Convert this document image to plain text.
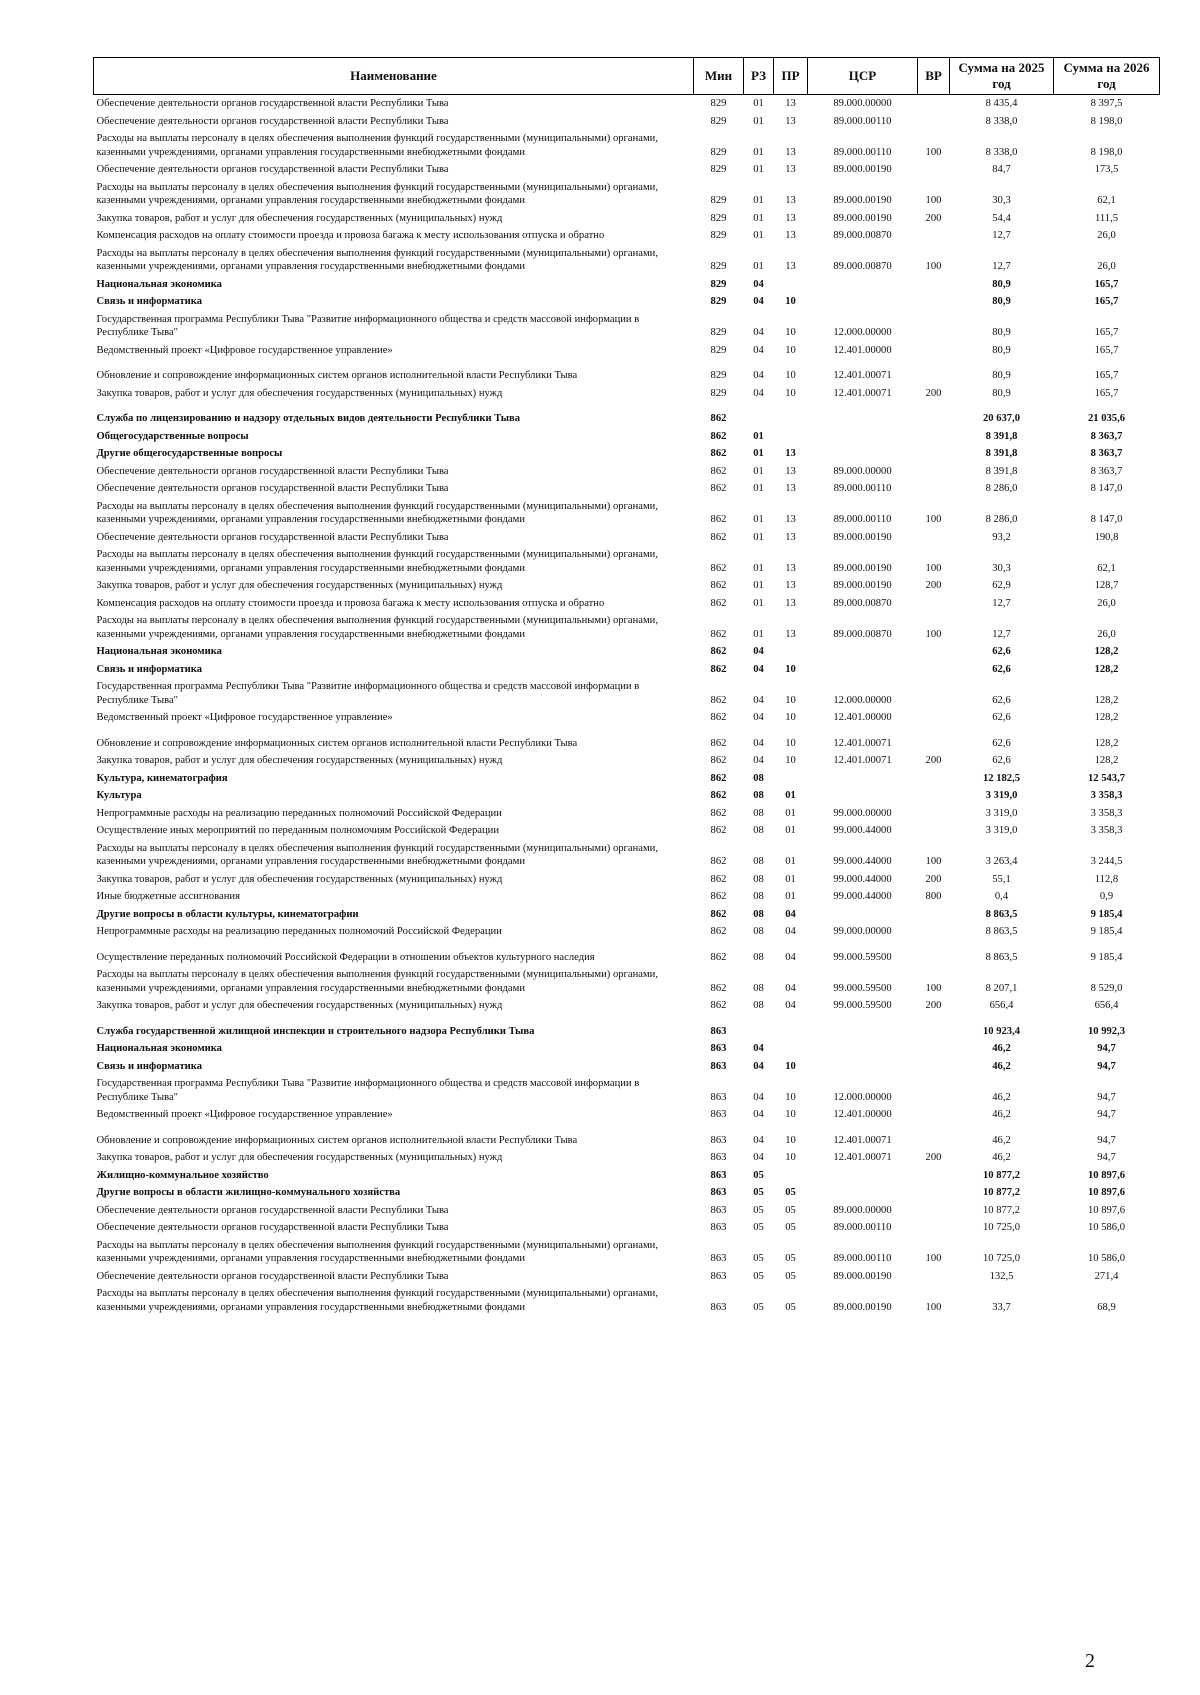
Наименование	Мин	РЗ	ПР	ЦСР	ВР	Сумма на 2025 год	Сумма на 2026 год
Обеспечение деятельности органов государственной власти Республики Тыва	829	01	13	89.000.00000		8 435,4	8 397,5
Обеспечение деятельности органов государственной власти Республики Тыва	829	01	13	89.000.00110		8 338,0	8 198,0
Расходы на выплаты персоналу в целях обеспечения выполнения функций государственными (муниципальными) органами, казенными учреждениями, органами управления государственными внебюджетными фондами	829	01	13	89.000.00110	100	8 338,0	8 198,0
Обеспечение деятельности органов государственной власти Республики Тыва	829	01	13	89.000.00190		84,7	173,5
Расходы на выплаты персоналу в целях обеспечения выполнения функций государственными (муниципальными) органами, казенными учреждениями, органами управления государственными внебюджетными фондами	829	01	13	89.000.00190	100	30,3	62,1
Закупка товаров, работ и услуг для обеспечения государственных (муниципальных) нужд	829	01	13	89.000.00190	200	54,4	111,5
Компенсация расходов на оплату стоимости проезда и провоза багажа к месту использования отпуска и обратно	829	01	13	89.000.00870		12,7	26,0
Расходы на выплаты персоналу в целях обеспечения выполнения функций государственными (муниципальными) органами, казенными учреждениями, органами управления государственными внебюджетными фондами	829	01	13	89.000.00870	100	12,7	26,0
Национальная экономика	829	04				80,9	165,7
Связь и информатика	829	04	10			80,9	165,7
Государственная программа Республики Тыва "Развитие информационного общества и средств массовой информации в Республике Тыва"	829	04	10	12.000.00000		80,9	165,7
Ведомственный проект «Цифровое государственное управление»	829	04	10	12.401.00000		80,9	165,7
Обновление и сопровождение информационных систем органов исполнительной власти Республики Тыва	829	04	10	12.401.00071		80,9	165,7
Закупка товаров, работ и услуг для обеспечения государственных (муниципальных) нужд	829	04	10	12.401.00071	200	80,9	165,7
Служба по лицензированию и надзору отдельных видов деятельности Республики Тыва	862					20 637,0	21 035,6
Общегосударственные вопросы	862	01				8 391,8	8 363,7
Другие общегосударственные вопросы	862	01	13			8 391,8	8 363,7
Обеспечение деятельности органов государственной власти Республики Тыва	862	01	13	89.000.00000		8 391,8	8 363,7
Обеспечение деятельности органов государственной власти Республики Тыва	862	01	13	89.000.00110		8 286,0	8 147,0
Расходы на выплаты персоналу в целях обеспечения выполнения функций государственными (муниципальными) органами, казенными учреждениями, органами управления государственными внебюджетными фондами	862	01	13	89.000.00110	100	8 286,0	8 147,0
Обеспечение деятельности органов государственной власти Республики Тыва	862	01	13	89.000.00190		93,2	190,8
Расходы на выплаты персоналу в целях обеспечения выполнения функций государственными (муниципальными) органами, казенными учреждениями, органами управления государственными внебюджетными фондами	862	01	13	89.000.00190	100	30,3	62,1
Закупка товаров, работ и услуг для обеспечения государственных (муниципальных) нужд	862	01	13	89.000.00190	200	62,9	128,7
Компенсация расходов на оплату стоимости проезда и провоза багажа к месту использования отпуска и обратно	862	01	13	89.000.00870		12,7	26,0
Расходы на выплаты персоналу в целях обеспечения выполнения функций государственными (муниципальными) органами, казенными учреждениями, органами управления государственными внебюджетными фондами	862	01	13	89.000.00870	100	12,7	26,0
Национальная экономика	862	04				62,6	128,2
Связь и информатика	862	04	10			62,6	128,2
Государственная программа Республики Тыва "Развитие информационного общества и средств массовой информации в Республике Тыва"	862	04	10	12.000.00000		62,6	128,2
Ведомственный проект «Цифровое государственное управление»	862	04	10	12.401.00000		62,6	128,2
Обновление и сопровождение информационных систем органов исполнительной власти Республики Тыва	862	04	10	12.401.00071		62,6	128,2
Закупка товаров, работ и услуг для обеспечения государственных (муниципальных) нужд	862	04	10	12.401.00071	200	62,6	128,2
Культура, кинематография	862	08				12 182,5	12 543,7
Культура	862	08	01			3 319,0	3 358,3
Непрограммные расходы на реализацию переданных полномочий Российской Федерации	862	08	01	99.000.00000		3 319,0	3 358,3
Осуществление иных мероприятий по переданным полномочиям Российской Федерации	862	08	01	99.000.44000		3 319,0	3 358,3
Расходы на выплаты персоналу в целях обеспечения выполнения функций государственными (муниципальными) органами, казенными учреждениями, органами управления государственными внебюджетными фондами	862	08	01	99.000.44000	100	3 263,4	3 244,5
Закупка товаров, работ и услуг для обеспечения государственных (муниципальных) нужд	862	08	01	99.000.44000	200	55,1	112,8
Иные бюджетные ассигнования	862	08	01	99.000.44000	800	0,4	0,9
Другие вопросы в области культуры, кинематографии	862	08	04			8 863,5	9 185,4
Непрограммные расходы на реализацию переданных полномочий Российской Федерации	862	08	04	99.000.00000		8 863,5	9 185,4
Осуществление переданных полномочий Российской Федерации в отношении объектов культурного наследия	862	08	04	99.000.59500		8 863,5	9 185,4
Расходы на выплаты персоналу в целях обеспечения выполнения функций государственными (муниципальными) органами, казенными учреждениями, органами управления государственными внебюджетными фондами	862	08	04	99.000.59500	100	8 207,1	8 529,0
Закупка товаров, работ и услуг для обеспечения государственных (муниципальных) нужд	862	08	04	99.000.59500	200	656,4	656,4
Служба государственной жилищной инспекции и строительного надзора Республики Тыва	863					10 923,4	10 992,3
Национальная экономика	863	04				46,2	94,7
Связь и информатика	863	04	10			46,2	94,7
Государственная программа Республики Тыва "Развитие информационного общества и средств массовой информации в Республике Тыва"	863	04	10	12.000.00000		46,2	94,7
Ведомственный проект «Цифровое государственное управление»	863	04	10	12.401.00000		46,2	94,7
Обновление и сопровождение информационных систем органов исполнительной власти Республики Тыва	863	04	10	12.401.00071		46,2	94,7
Закупка товаров, работ и услуг для обеспечения государственных (муниципальных) нужд	863	04	10	12.401.00071	200	46,2	94,7
Жилищно-коммунальное хозяйство	863	05				10 877,2	10 897,6
Другие вопросы в области жилищно-коммунального хозяйства	863	05	05			10 877,2	10 897,6
Обеспечение деятельности органов государственной власти Республики Тыва	863	05	05	89.000.00000		10 877,2	10 897,6
Обеспечение деятельности органов государственной власти Республики Тыва	863	05	05	89.000.00110		10 725,0	10 586,0
Расходы на выплаты персоналу в целях обеспечения выполнения функций государственными (муниципальными) органами, казенными учреждениями, органами управления государственными внебюджетными фондами	863	05	05	89.000.00110	100	10 725,0	10 586,0
Обеспечение деятельности органов государственной власти Республики Тыва	863	05	05	89.000.00190		132,5	271,4
Расходы на выплаты персоналу в целях обеспечения выполнения функций государственными (муниципальными) органами, казенными учреждениями, органами управления государственными внебюджетными фондами	863	05	05	89.000.00190	100	33,7	68,9
2
